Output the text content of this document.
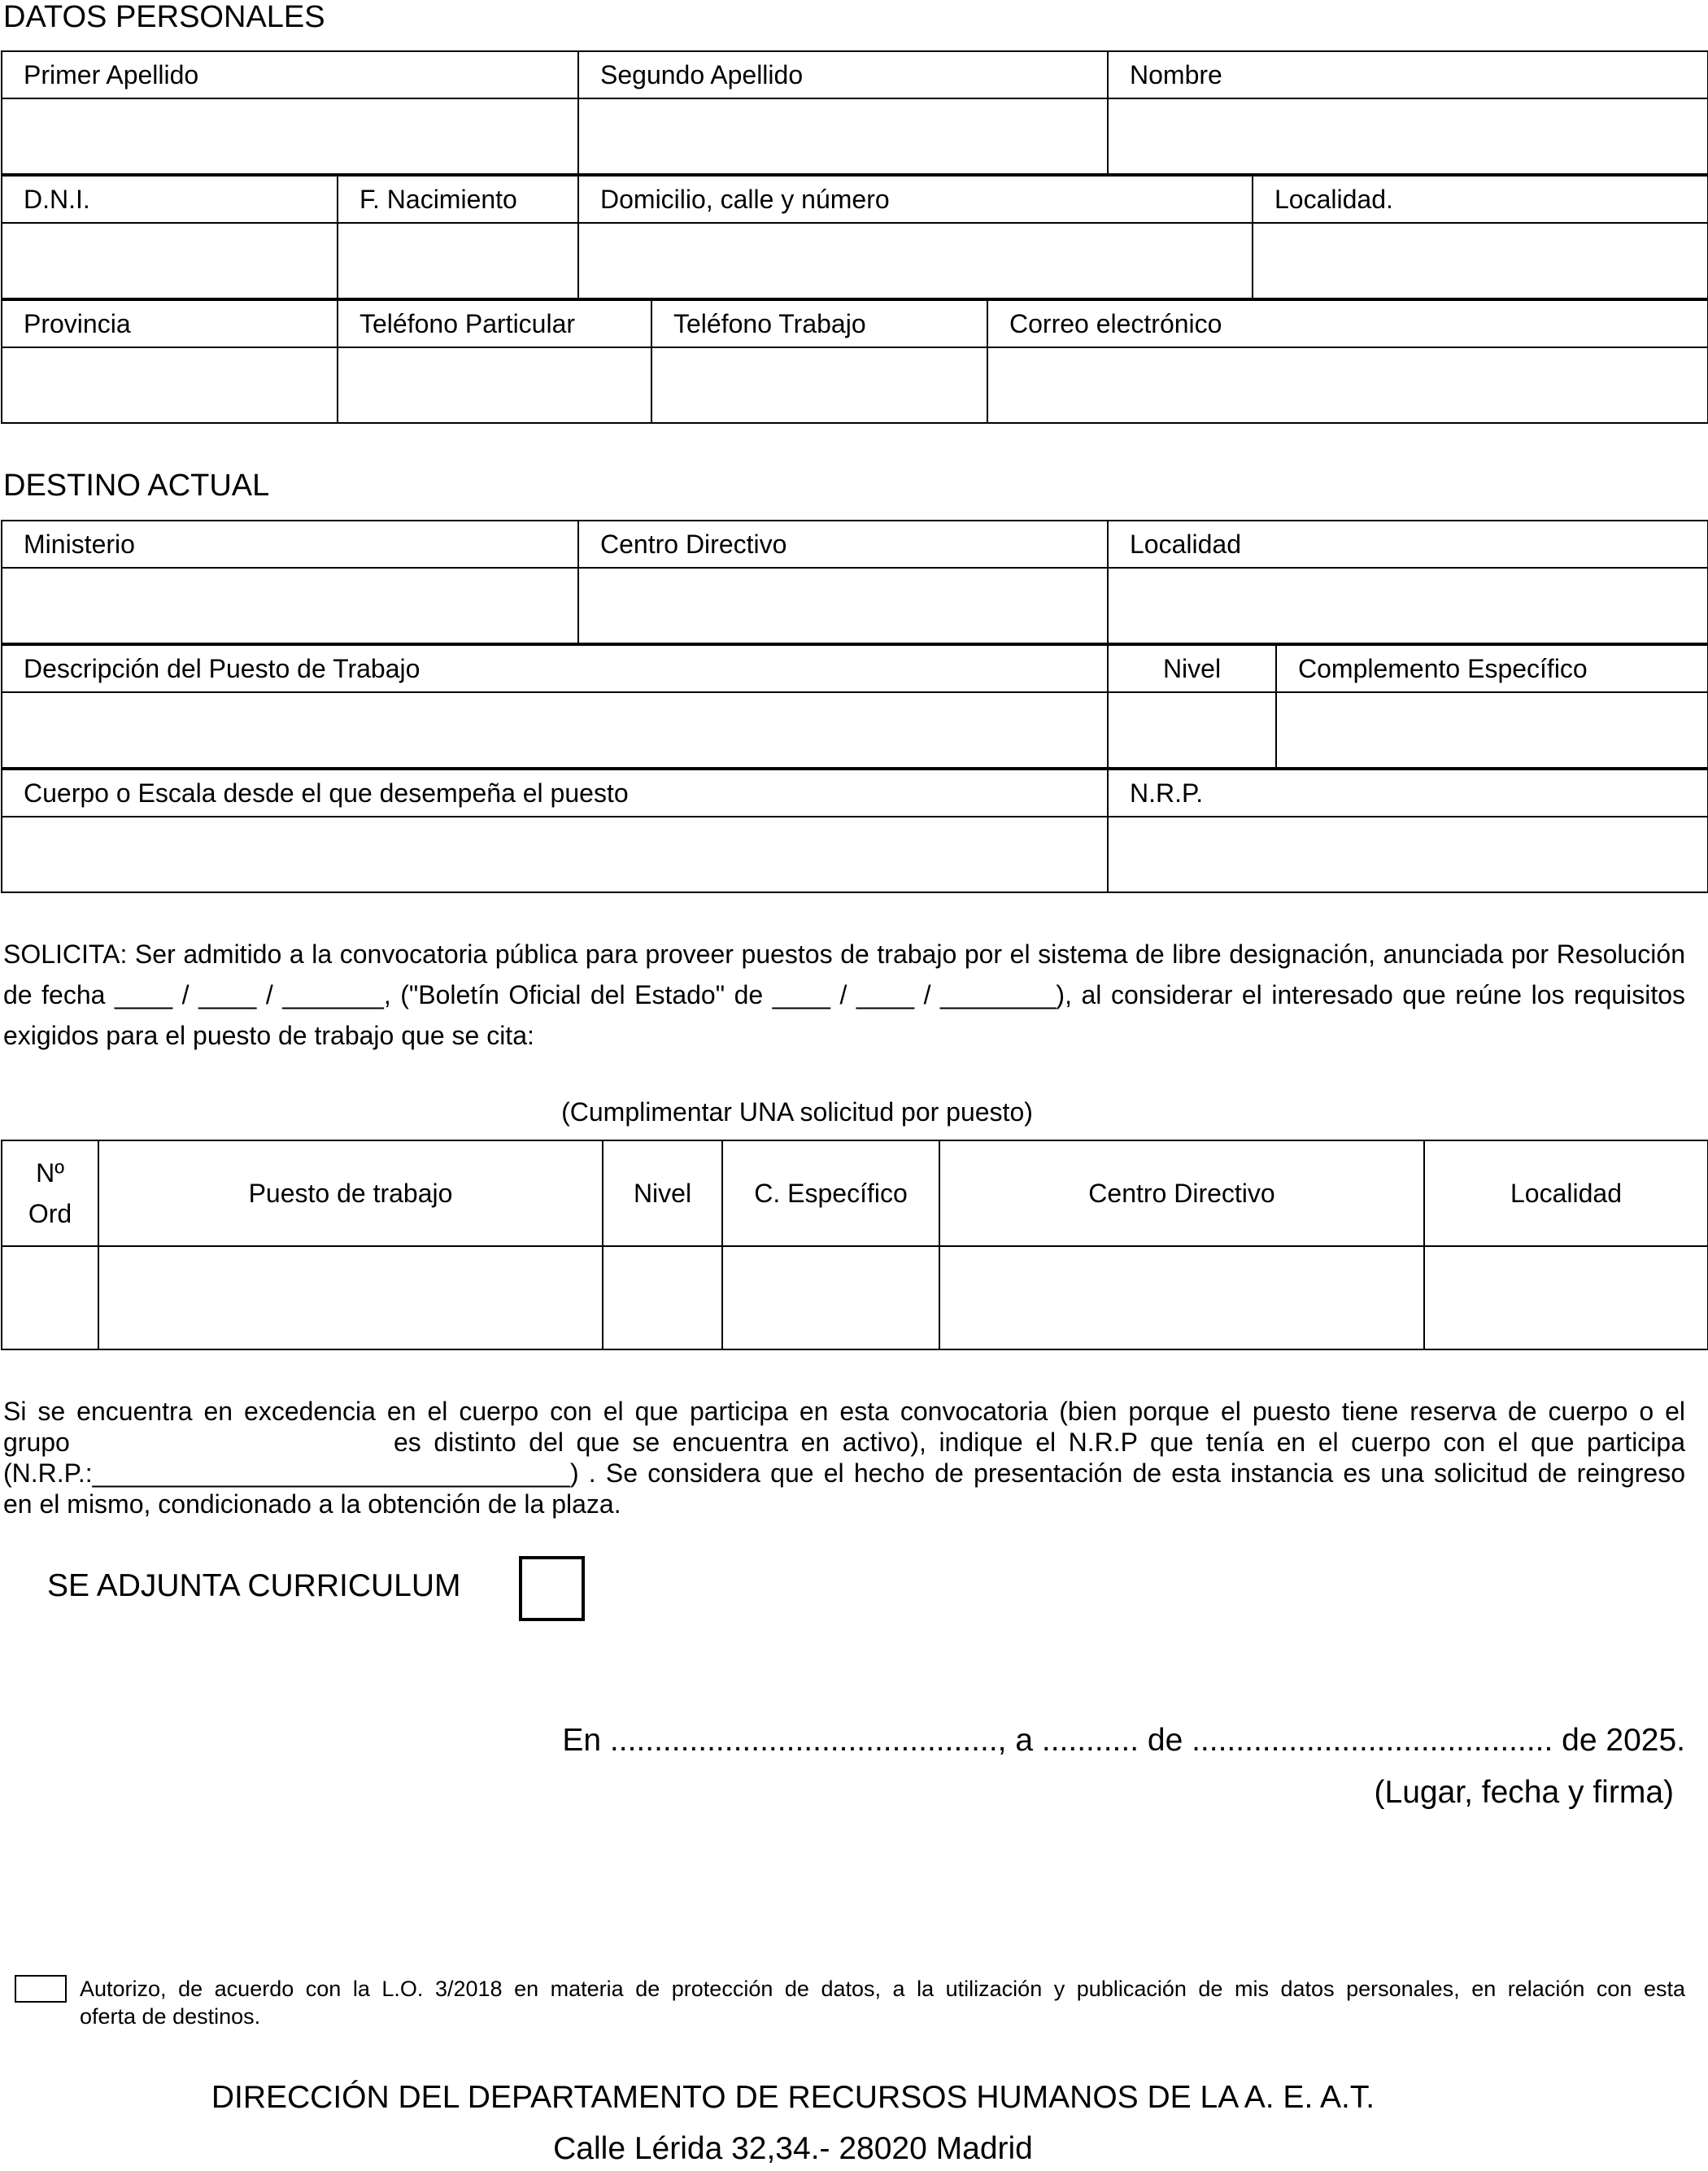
DATOS PERSONALES
Primer Apellido	Segundo Apellido	Nombre

D.N.I.	F. Nacimiento	Domicilio, calle y número	Localidad.

Provincia	Teléfono Particular	Teléfono Trabajo	Correo electrónico

DESTINO ACTUAL
Ministerio	Centro Directivo	Localidad

Descripción del Puesto de Trabajo	Nivel	Complemento Específico

Cuerpo o Escala desde el que desempeña el puesto	N.R.P.

SOLICITA: Ser admitido a la convocatoria pública para proveer puestos de trabajo por el sistema de libre designación, anunciada por Resolución
de fecha ____ / ____ / _______, ("Boletín Oficial del Estado" de ____ / ____ / ________), al considerar el interesado que reúne los requisitos
exigidos para el puesto de trabajo que se cita:
(Cumplimentar UNA solicitud por puesto)
Nº
Ord	Puesto de trabajo	Nivel	C. Específico	Centro Directivo	Localidad

Si se encuentra en excedencia en el cuerpo con el que participa en esta convocatoria (bien porque el puesto tiene reserva de cuerpo o el
grupo	es distinto del que se encuentra en activo), indique el N.R.P que tenía en el cuerpo con el que participa
(N.R.P.:_________________________________) . Se considera que el hecho de presentación de esta instancia es una solicitud de reingreso
en el mismo, condicionado a la obtención de la plaza.
SE ADJUNTA CURRICULUM
En ............................................, a ........... de ......................................... de 2025.
(Lugar, fecha y firma)
Autorizo, de acuerdo con la L.O. 3/2018 en materia de protección de datos, a la utilización y publicación de mis datos personales, en relación con esta
oferta de destinos.
DIRECCIÓN DEL DEPARTAMENTO DE RECURSOS HUMANOS DE LA A. E. A.T.
Calle Lérida 32,34.- 28020 Madrid
